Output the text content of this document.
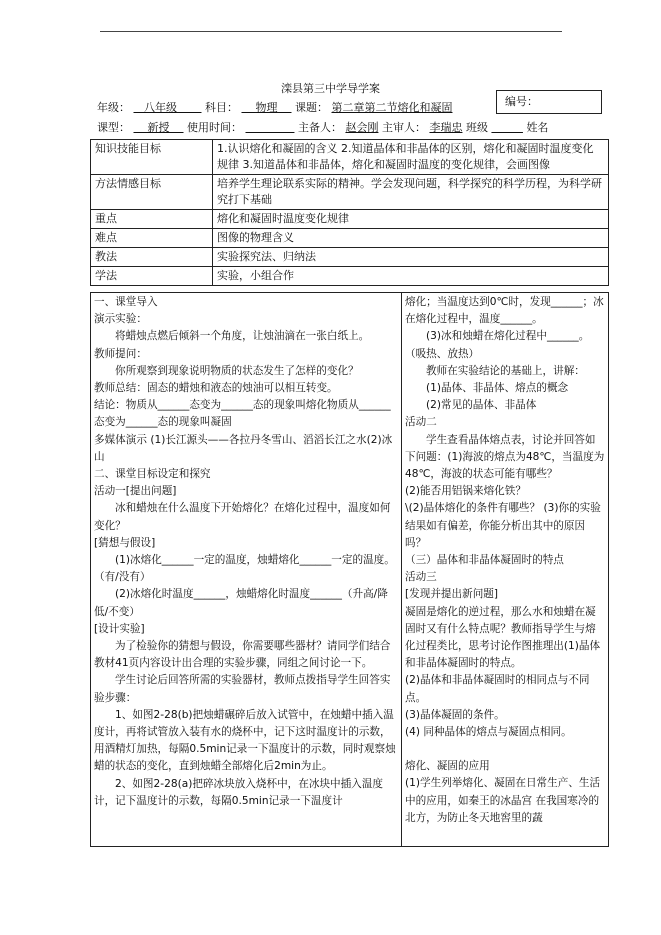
滦县第三中学导学案
年级： 八年级	科目： 物理 课题： 第二章第二节熔化和凝固	编号：
课型： 新授 使用时间：	主备人： 赵会刚 主审人： 李瑞忠 班级	姓名
知识技能目标	1.认识熔化和凝固的含义 2.知道晶体和非晶体的区别，熔化和凝固时温度变化规律 3.知道晶体和非晶体，熔化和凝固时温度的变化规律，会画图像
方法情感目标	培养学生理论联系实际的精神。学会发现问题，科学探究的科学历程，为科学研究打下基础
重点	熔化和凝固时温度变化规律
难点	图像的物理含义
教法	实验探究法、归纳法
学法	实验，小组合作

一、课堂导入

演示实验：

将蜡烛点燃后倾斜一个角度，让烛油滴在一张白纸上。

教师提问：

你所观察到现象说明物质的状态发生了怎样的变化？

教师总结：固态的蜡烛和液态的烛油可以相互转变。

结论：物质从______态变为______态的现象叫熔化物质从______态变为______态的现象叫凝固

多媒体演示 (1)长江源头——各拉丹冬雪山、滔滔长江之水(2)冰山

二、课堂目标设定和探究

活动一[提出问题]

冰和蜡烛在什么温度下开始熔化？在熔化过程中，温度如何变化？

[猜想与假设]

(1)冰熔化______一定的温度，烛蜡熔化______一定的温度。（有/没有）

(2)冰熔化时温度______，烛蜡熔化时温度______（升高/降低/不变）

[设计实验]

为了检验你的猜想与假设，你需要哪些器材？请同学们结合教材41页内容设计出合理的实验步骤，同组之间讨论一下。

学生讨论后回答所需的实验器材，教师点拨指导学生回答实验步骤：

1、如图2-28(b)把烛蜡碾碎后放入试管中，在烛蜡中插入温度计，再将试管放入装有水的烧杯中，记下这时温度计的示数，用酒精灯加热，每隔0.5min记录一下温度计的示数，同时观察烛蜡的状态的变化，直到烛蜡全部熔化后2min为止。

2、如图2-28(a)把碎冰块放入烧杯中，在冰块中插入温度计，记下温度计的示数，每隔0.5min记录一下温度计

熔化；当温度达到0℃时，发现______；冰在熔化过程中，温度______。

(3)冰和烛蜡在熔化过程中______。（吸热、放热）

教师在实验结论的基础上，讲解：

(1)晶体、非晶体、熔点的概念

(2)常见的晶体、非晶体

活动二

学生查看晶体熔点表，讨论并回答如下问题：(1)海波的熔点为48℃，当温度为48℃，海波的状态可能有哪些？

(2)能否用铝锅来熔化铁？

\(2)晶体熔化的条件有哪些？ (3)你的实验结果如有偏差，你能分析出其中的原因吗？

（三）晶体和非晶体凝固时的特点

活动三

[发现并提出新问题]

凝固是熔化的逆过程，那么水和烛蜡在凝固时又有什么特点呢？教师指导学生与熔化过程类比，思考讨论作图推理出(1)晶体和非晶体凝固时的特点。

(2)晶体和非晶体凝固时的相同点与不同点。

(3)晶体凝固的条件。

(4) 同种晶体的熔点与凝固点相同。

熔化、凝固的应用

(1)学生列举熔化、凝固在日常生产、生活中的应用，如秦王的冰晶宫 在我国寒冷的北方，为防止冬天地窖里的蔬
